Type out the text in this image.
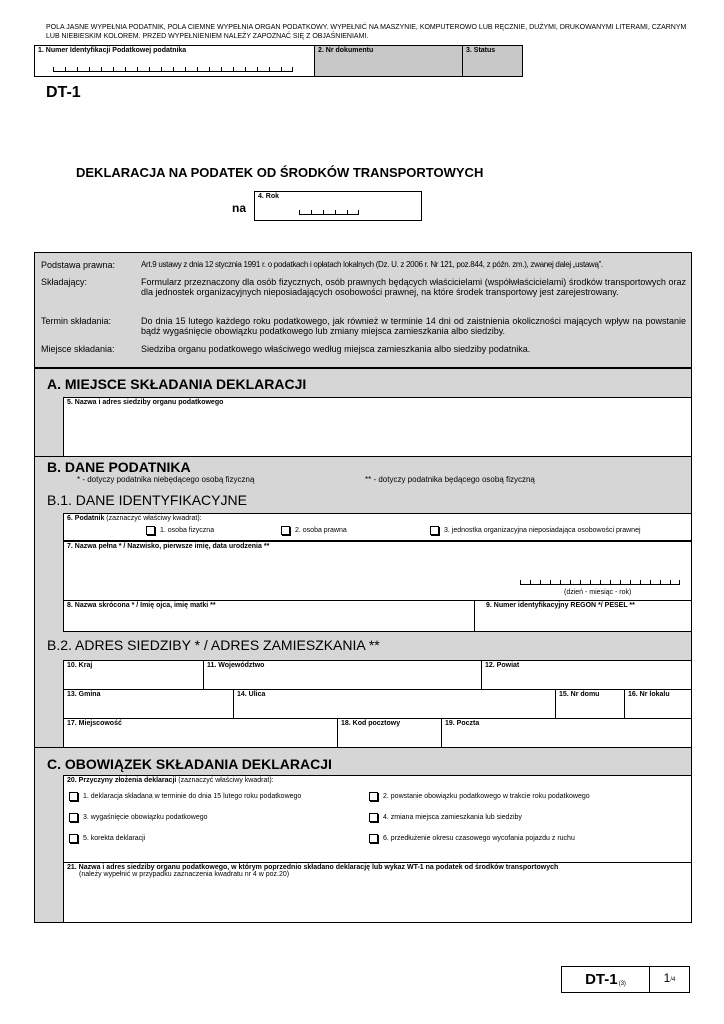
POLA JASNE WYPEŁNIA PODATNIK, POLA CIEMNE WYPEŁNIA ORGAN PODATKOWY. WYPEŁNIĆ NA MASZYNIE, KOMPUTEROWO LUB RĘCZNIE, DUŻYMI, DRUKOWANYMI LITERAMI, CZARNYM LUB NIEBIESKIM KOLOREM. PRZED WYPEŁNIENIEM NALEŻY ZAPOZNAĆ SIĘ Z OBJAŚNIENIAMI.
1. Numer Identyfikacji Podatkowej podatnika	2. Nr dokumentu	3. Status
DT-1
DEKLARACJA NA PODATEK OD ŚRODKÓW TRANSPORTOWYCH
na
4. Rok
Podstawa prawna:	Art.9 ustawy z dnia 12 stycznia 1991 r. o podatkach i opłatach lokalnych (Dz. U. z 2006 r. Nr 121, poz.844, z późn. zm.), zwanej dalej „ustawą”.
Składający:	Formularz przeznaczony dla osób fizycznych, osób prawnych będących właścicielami (współwłaścicielami) środków transportowych oraz dla jednostek organizacyjnych nieposiadających osobowości prawnej, na które środek transportowy jest zarejestrowany.
Termin składania:	Do dnia 15 lutego każdego roku podatkowego, jak również w terminie 14 dni od zaistnienia okoliczności mających wpływ na powstanie bądź wygaśnięcie obowiązku podatkowego lub zmiany miejsca zamieszkania albo siedziby.
Miejsce składania:	Siedziba organu podatkowego właściwego według miejsca zamieszkania albo siedziby podatnika.
A. MIEJSCE SKŁADANIA DEKLARACJI
5. Nazwa i adres siedziby organu podatkowego
B. DANE PODATNIKA
* - dotyczy podatnika niebędącego osobą fizyczną	** - dotyczy podatnika będącego osobą fizyczną
B.1. DANE IDENTYFIKACYJNE
6. Podatnik (zaznaczyć właściwy kwadrat):
1. osoba fizyczna	2. osoba prawna	3. jednostka organizacyjna nieposiadająca osobowości prawnej
7. Nazwa pełna * / Nazwisko, pierwsze imię, data urodzenia **
(dzień - miesiąc - rok)
8. Nazwa skrócona * / Imię ojca, imię matki **	9. Numer identyfikacyjny REGON */ PESEL **
B.2. ADRES SIEDZIBY * / ADRES ZAMIESZKANIA **
10. Kraj	11. Województwo	12. Powiat
13. Gmina	14. Ulica	15. Nr domu	16. Nr lokalu
17. Miejscowość	18. Kod pocztowy	19. Poczta
C. OBOWIĄZEK SKŁADANIA DEKLARACJI
20. Przyczyny złożenia deklaracji (zaznaczyć właściwy kwadrat):
1. deklaracja składana w terminie do dnia 15 lutego roku podatkowego	2. powstanie obowiązku podatkowego w trakcie roku podatkowego
3. wygaśnięcie obowiązku podatkowego	4. zmiana miejsca zamieszkania lub siedziby
5. korekta deklaracji	6. przedłużenie okresu czasowego wycofania pojazdu z ruchu
21. Nazwa i adres siedziby organu podatkowego, w którym poprzednio składano deklarację lub wykaz WT-1 na podatek od środków transportowych
(należy wypełnić w przypadku zaznaczenia kwadratu nr 4 w poz.20)
DT-1 (3)	1 /4
